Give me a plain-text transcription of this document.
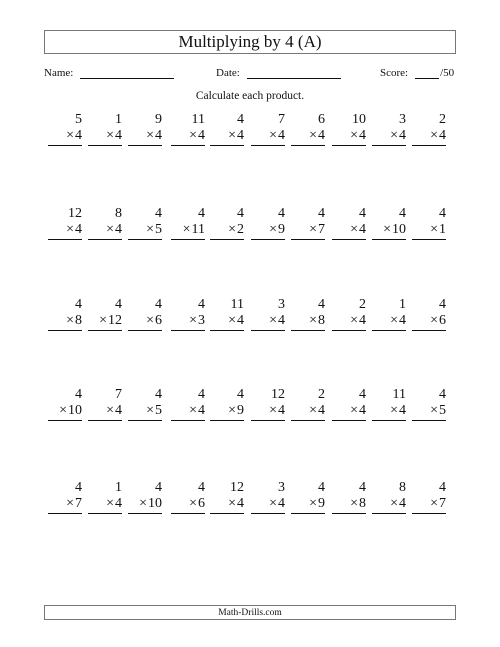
Multiplying by 4 (A)
Name:	Date:	Score:	/50
Calculate each product.
5
×4
1
×4
9
×4
11
×4
4
×4
7
×4
6
×4
10
×4
3
×4
2
×4
12
×4
8
×4
4
×5
4
×11
4
×2
4
×9
4
×7
4
×4
4
×10
4
×1
4
×8
4
×12
4
×6
4
×3
11
×4
3
×4
4
×8
2
×4
1
×4
4
×6
4
×10
7
×4
4
×5
4
×4
4
×9
12
×4
2
×4
4
×4
11
×4
4
×5
4
×7
1
×4
4
×10
4
×6
12
×4
3
×4
4
×9
4
×8
8
×4
4
×7
Math-Drills.com
